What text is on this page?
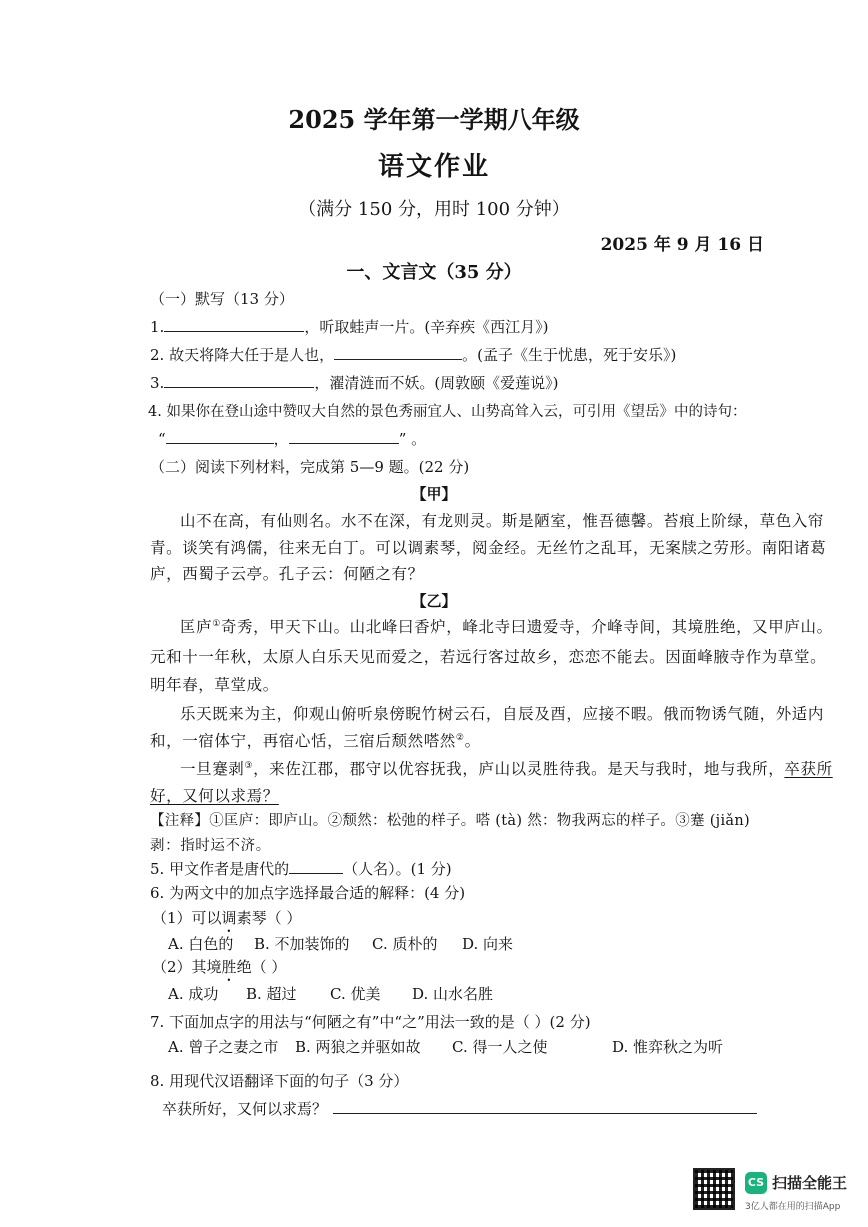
2025 学年第一学期八年级
语文作业
（满分 150 分，用时 100 分钟）
2025 年 9 月 16 日
一、文言文（35 分）
（一）默写（13 分）
1.	，听取蛙声一片。(辛弃疾《西江月》)
2. 故天将降大任于是人也，	。(孟子《生于忧患，死于安乐》)
3.	，濯清涟而不妖。(周敦颐《爱莲说》)
4. 如果你在登山途中赞叹大自然的景色秀丽宜人、山势高耸入云，可引用《望岳》中的诗句：
“	，	” 。
（二）阅读下列材料，完成第 5—9 题。(22 分)
【甲】
山不在高，有仙则名。水不在深，有龙则灵。斯是陋室，惟吾德馨。苔痕上阶绿，草色入帘
青。谈笑有鸿儒，往来无白丁。可以调素琴，阅金经。无丝竹之乱耳，无案牍之劳形。南阳诸葛
庐，西蜀子云亭。孔子云：何陋之有？
【乙】
匡庐①奇秀，甲天下山。山北峰曰香炉，峰北寺曰遗爱寺，介峰寺间，其境胜绝，又甲庐山。
元和十一年秋，太原人白乐天见而爱之，若远行客过故乡，恋恋不能去。因面峰腋寺作为草堂。
明年春，草堂成。
乐天既来为主，仰观山俯听泉傍睨竹树云石，自辰及酉，应接不暇。俄而物诱气随，外适内
和，一宿体宁，再宿心恬，三宿后颓然嗒然②。
一旦蹇剥③，来佐江郡，郡守以优容抚我，庐山以灵胜待我。是天与我时，地与我所，卒获所
好，又何以求焉？
【注释】①匡庐：即庐山。②颓然：松弛的样子。嗒 (tà) 然：物我两忘的样子。③蹇 (jiǎn)
剥：指时运不济。
5. 甲文作者是唐代的	（人名）。(1 分)
6. 为两文中的加点字选择最合适的解释：(4 分)
（1）可以调素琴（ ）
A. 白色的 B. 不加装饰的 C. 质朴的 D. 向来
（2）其境胜绝（ ）
A. 成功 B. 超过 C. 优美 D. 山水名胜
7. 下面加点字的用法与“何陋之有”中“之”用法一致的是（ ）(2 分)
A. 曾子之妻之市 B. 两狼之并驱如故 C. 得一人之使	D. 惟弈秋之为听
8. 用现代汉语翻译下面的句子（3 分）
卒获所好，又何以求焉？
CS 扫描全能王
3亿人都在用的扫描App
